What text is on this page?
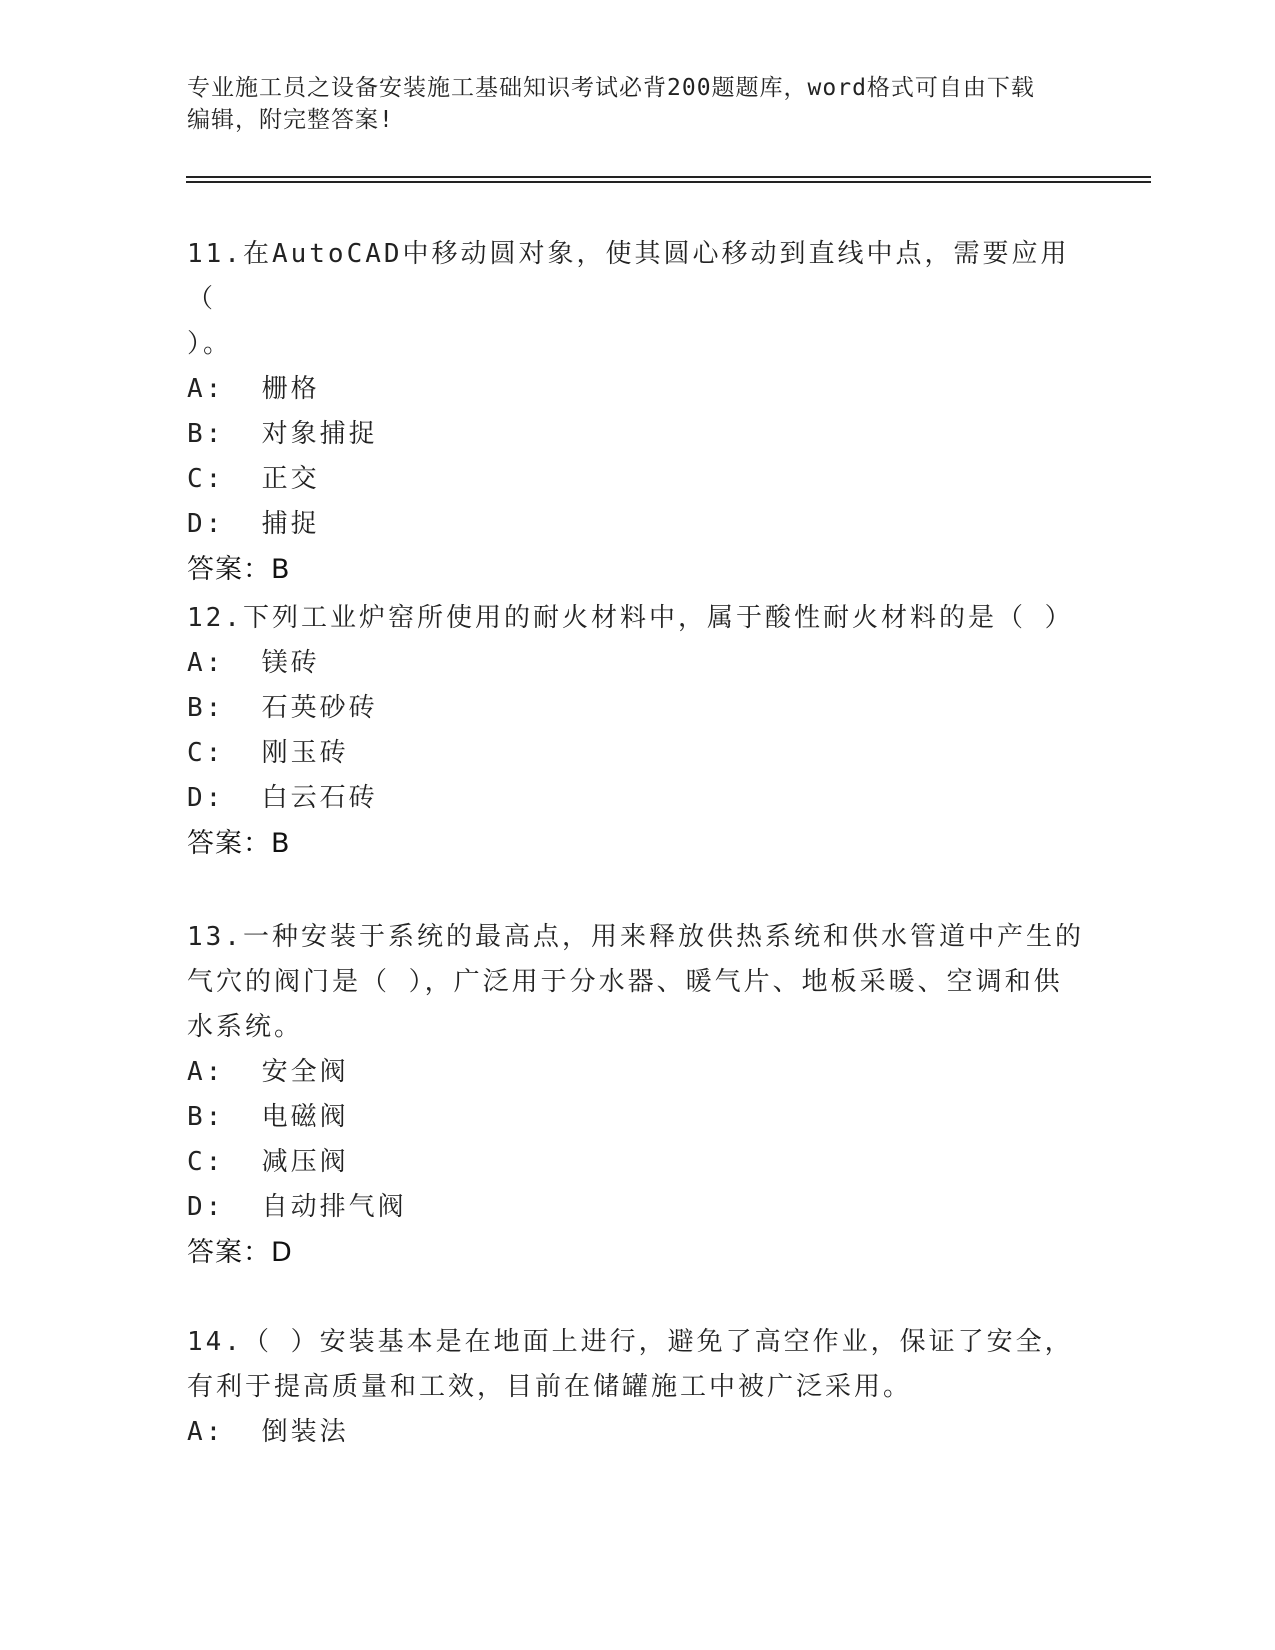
专业施工员之设备安装施工基础知识考试必背200题题库，word格式可自由下载
编辑，附完整答案!
11.在AutoCAD中移动圆对象，使其圆心移动到直线中点，需要应用（
）。
A:  栅格
B:  对象捕捉
C:  正交
D:  捕捉
答案：B
12.下列工业炉窑所使用的耐火材料中，属于酸性耐火材料的是（ ）
A:  镁砖
B:  石英砂砖
C:  刚玉砖
D:  白云石砖
答案：B
13.一种安装于系统的最高点，用来释放供热系统和供水管道中产生的
气穴的阀门是（ ），广泛用于分水器、暖气片、地板采暖、空调和供
水系统。
A:  安全阀
B:  电磁阀
C:  减压阀
D:  自动排气阀
答案：D
14.（ ）安装基本是在地面上进行，避免了高空作业，保证了安全，
有利于提高质量和工效，目前在储罐施工中被广泛采用。
A:  倒装法
